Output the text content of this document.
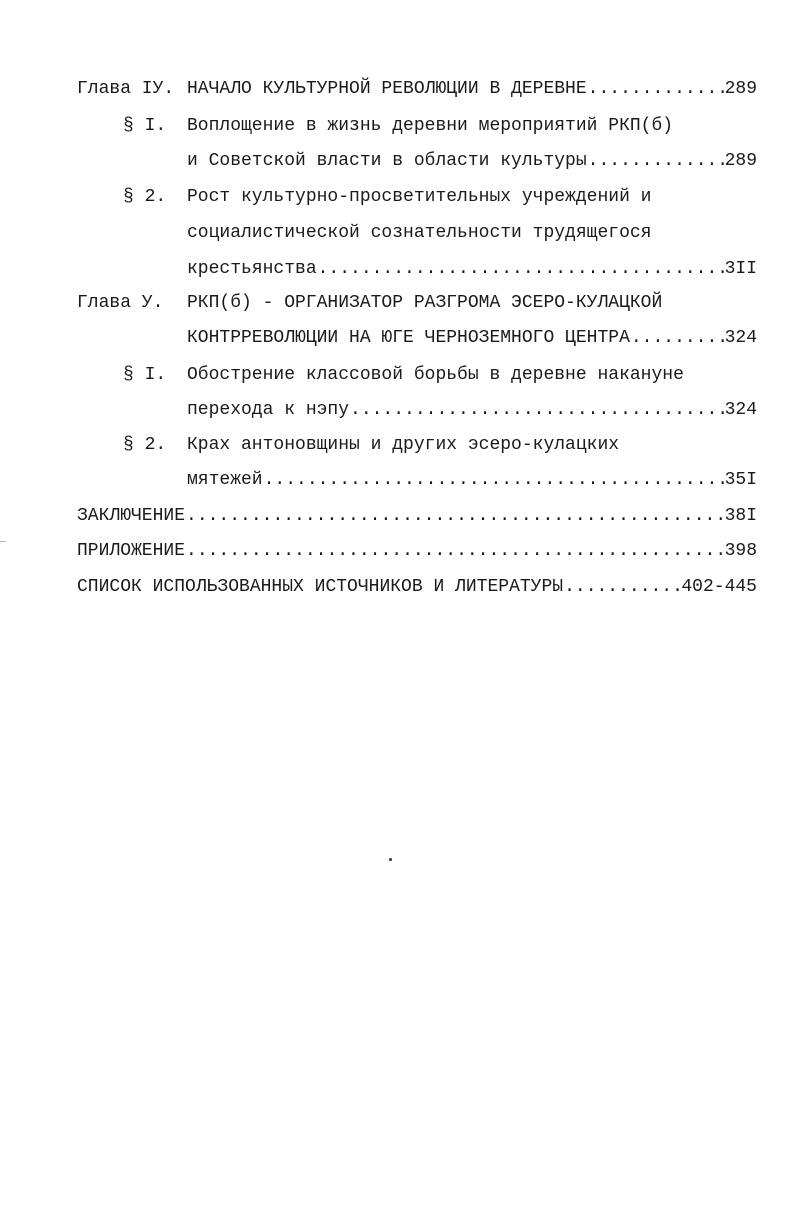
Глава IУ. НАЧАЛО КУЛЬТУРНОЙ РЕВОЛЮЦИИ В ДЕРЕВНЕ .....	289
§ I. Воплощение в жизнь деревни мероприятий РКП(б)
и Советской власти в области культуры .....	289
§ 2. Рост культурно-просветительных учреждений и
социалистической сознательности трудящегося
крестьянства .....	3II
Глава У. РКП(б) - ОРГАНИЗАТОР РАЗГРОМА ЭСЕРО-КУЛАЦКОЙ
КОНТРРЕВОЛЮЦИИ НА ЮГЕ ЧЕРНОЗЕМНОГО ЦЕНТРА .....	324
§ I. Обострение классовой борьбы в деревне накануне
перехода к нэпу .....	324
§ 2. Крах антоновщины и других эсеро-кулацких
мятежей .....	35I
ЗАКЛЮЧЕНИЕ .....	38I
ПРИЛОЖЕНИЕ .....	398
СПИСОК ИСПОЛЬЗОВАННЫХ ИСТОЧНИКОВ И ЛИТЕРАТУРЫ .....	402-445
